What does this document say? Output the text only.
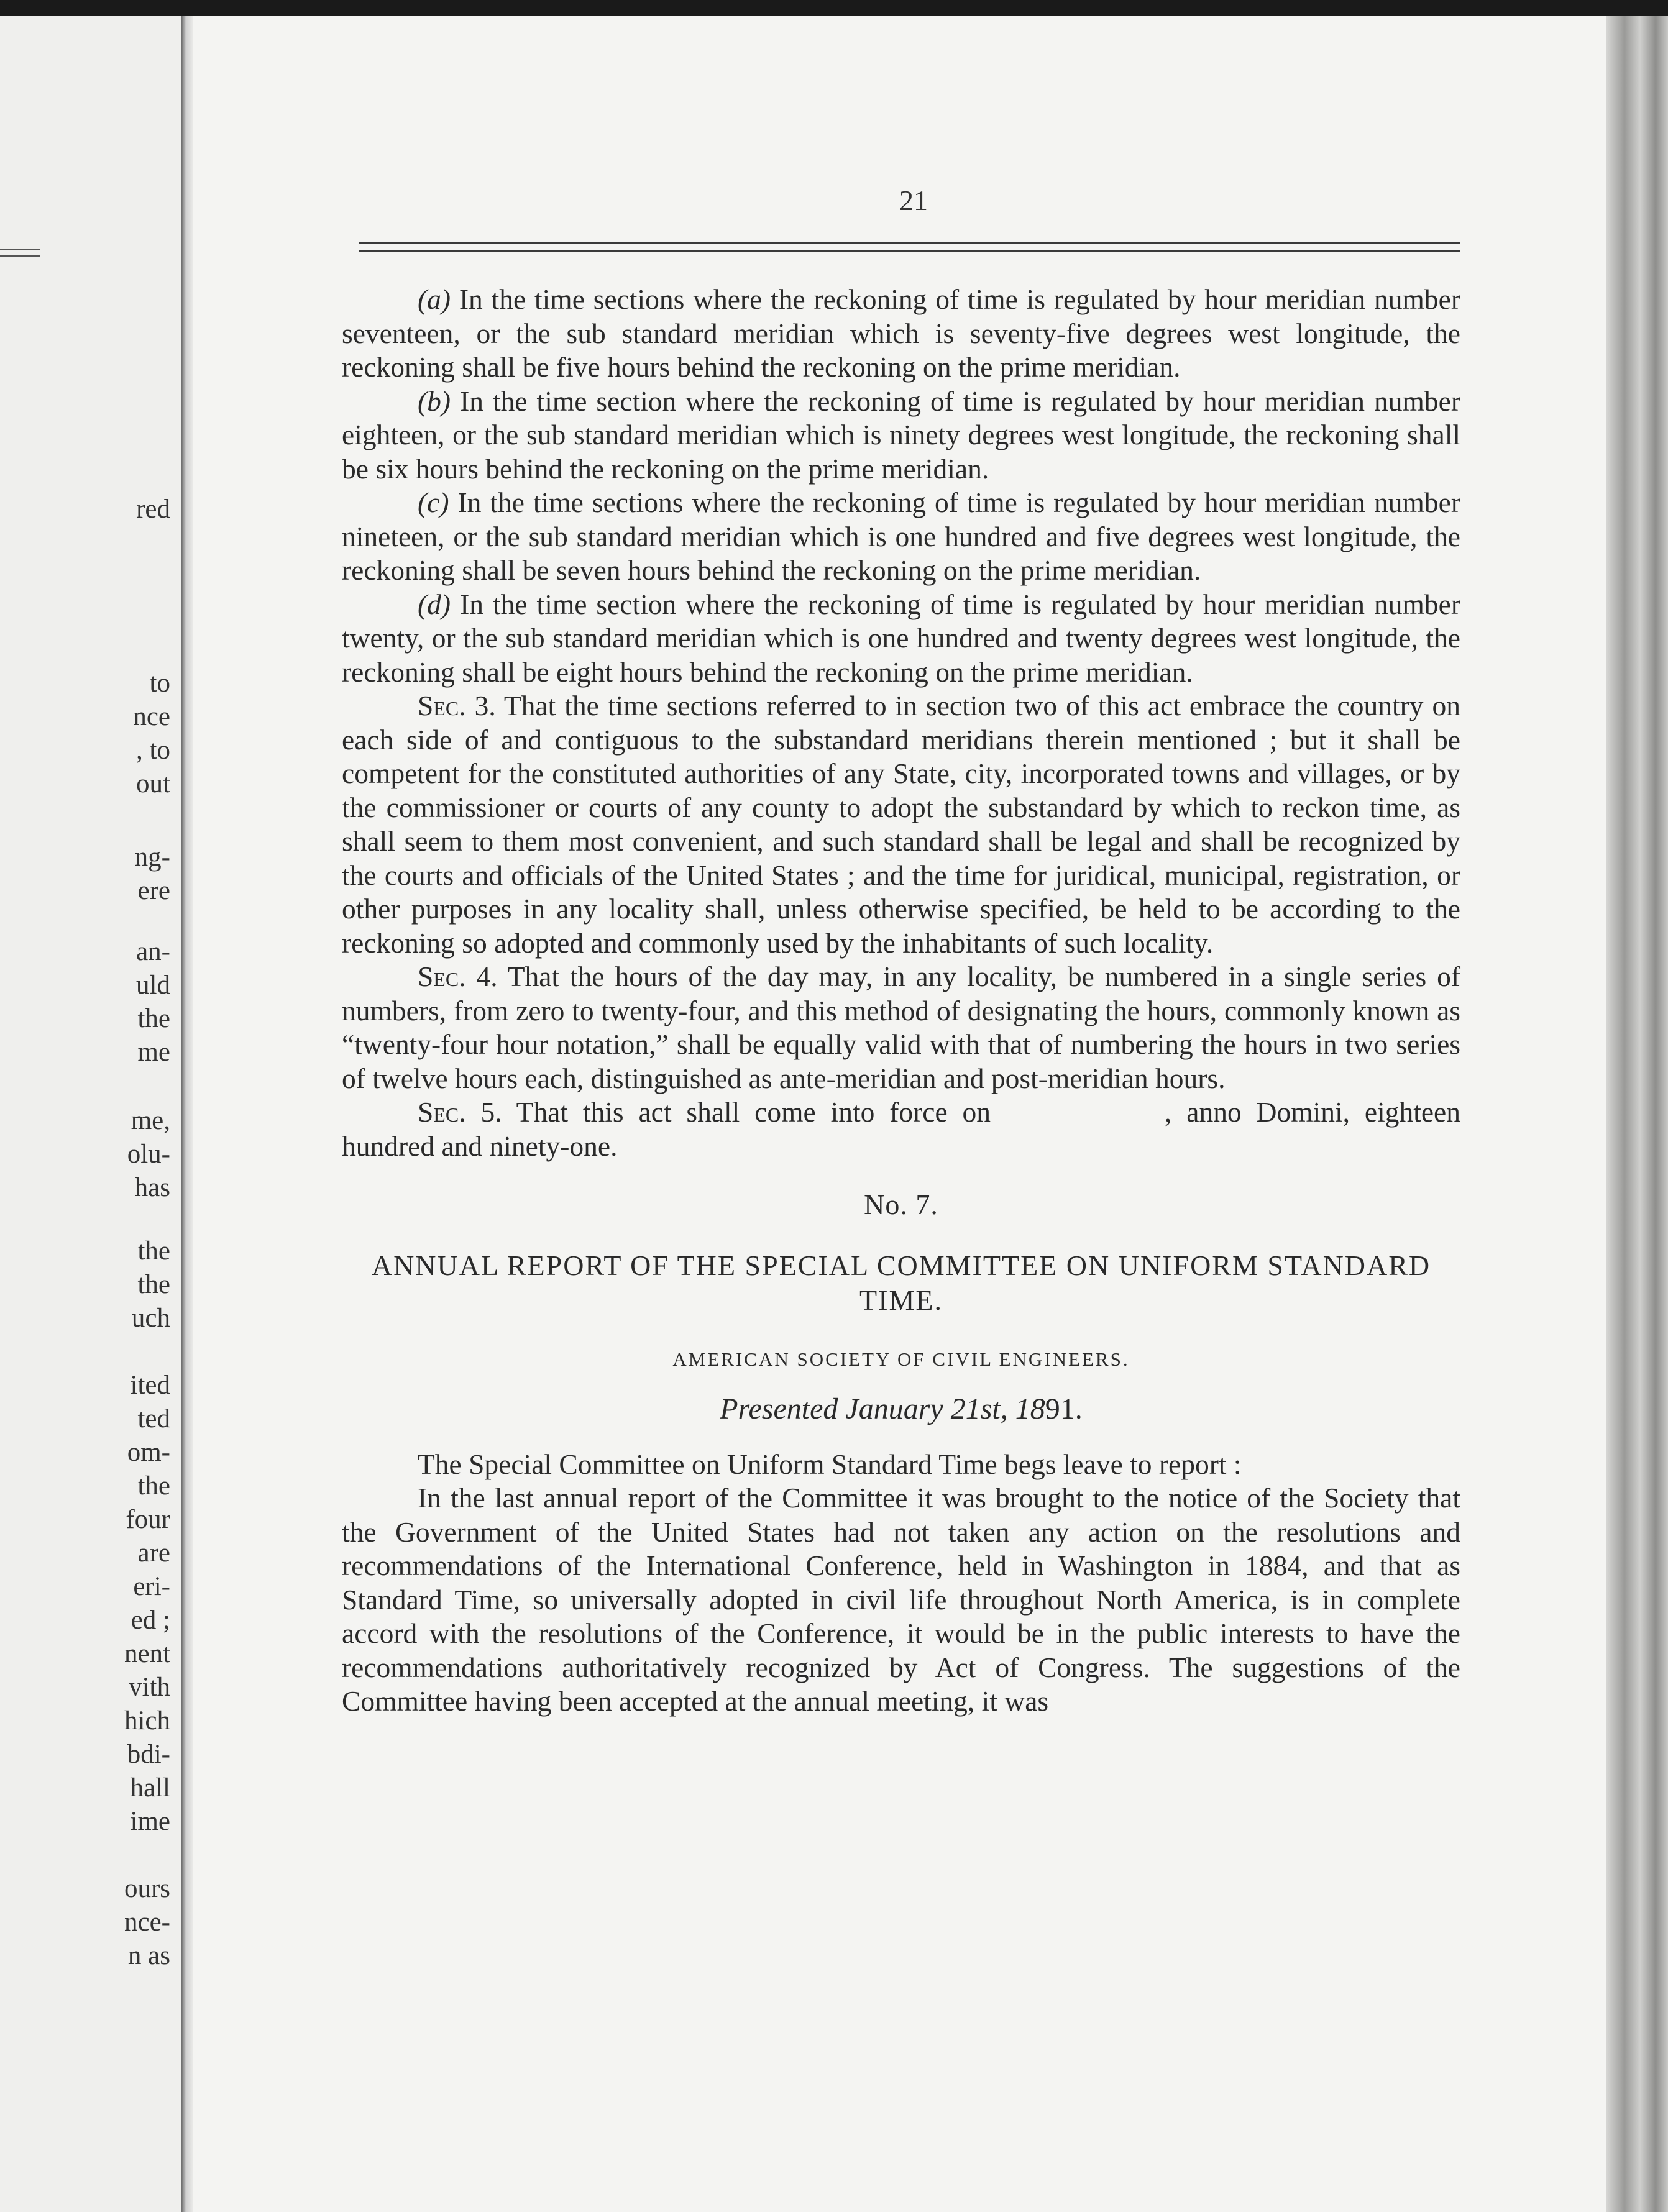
red
to
nce
, to
out
ng-
ere
an-
uld
the
me
me,
olu-
has
the
the
uch
ited
ted
om-
the
four
are
eri-
ed ;
nent
vith
hich
bdi-
hall
ime
ours
nce-
n as
21

(a) In the time sections where the reckoning of time is regulated by hour meridian number seventeen, or the sub standard meridian which is seventy-five degrees west longitude, the reckoning shall be five hours behind the reckoning on the prime meridian.

(b) In the time section where the reckoning of time is regulated by hour meridian number eighteen, or the sub standard meridian which is ninety degrees west longitude, the reckoning shall be six hours behind the reckoning on the prime meridian.

(c) In the time sections where the reckoning of time is regulated by hour meridian number nineteen, or the sub standard meridian which is one hundred and five degrees west longitude, the reckoning shall be seven hours behind the reckoning on the prime meridian.

(d) In the time section where the reckoning of time is regulated by hour meridian number twenty, or the sub standard meridian which is one hundred and twenty degrees west longitude, the reckoning shall be eight hours behind the reckoning on the prime meridian.

Sec. 3. That the time sections referred to in section two of this act embrace the country on each side of and contiguous to the substandard meridians therein mentioned ; but it shall be competent for the constituted authorities of any State, city, incorporated towns and villages, or by the commissioner or courts of any county to adopt the substandard by which to reckon time, as shall seem to them most convenient, and such standard shall be legal and shall be recognized by the courts and officials of the United States ; and the time for juridical, municipal, registration, or other purposes in any locality shall, unless otherwise specified, be held to be according to the reckoning so adopted and commonly used by the inhabitants of such locality.

Sec. 4. That the hours of the day may, in any locality, be numbered in a single series of numbers, from zero to twenty-four, and this method of designating the hours, commonly known as “twenty-four hour notation,” shall be equally valid with that of numbering the hours in two series of twelve hours each, distinguished as ante-meridian and post-meridian hours.

Sec. 5. That this act shall come into force on	, anno Domini, eighteen hundred and ninety-one.

No. 7.

ANNUAL REPORT OF THE SPECIAL COMMITTEE ON UNIFORM STANDARD TIME.

AMERICAN SOCIETY OF CIVIL ENGINEERS.

Presented January 21st, 1891.

The Special Committee on Uniform Standard Time begs leave to report :

In the last annual report of the Committee it was brought to the notice of the Society that the Government of the United States had not taken any action on the resolutions and recommendations of the International Conference, held in Washington in 1884, and that as Standard Time, so universally adopted in civil life throughout North America, is in complete accord with the resolutions of the Conference, it would be in the public interests to have the recommendations authoritatively recognized by Act of Congress. The suggestions of the Committee having been accepted at the annual meeting, it was
